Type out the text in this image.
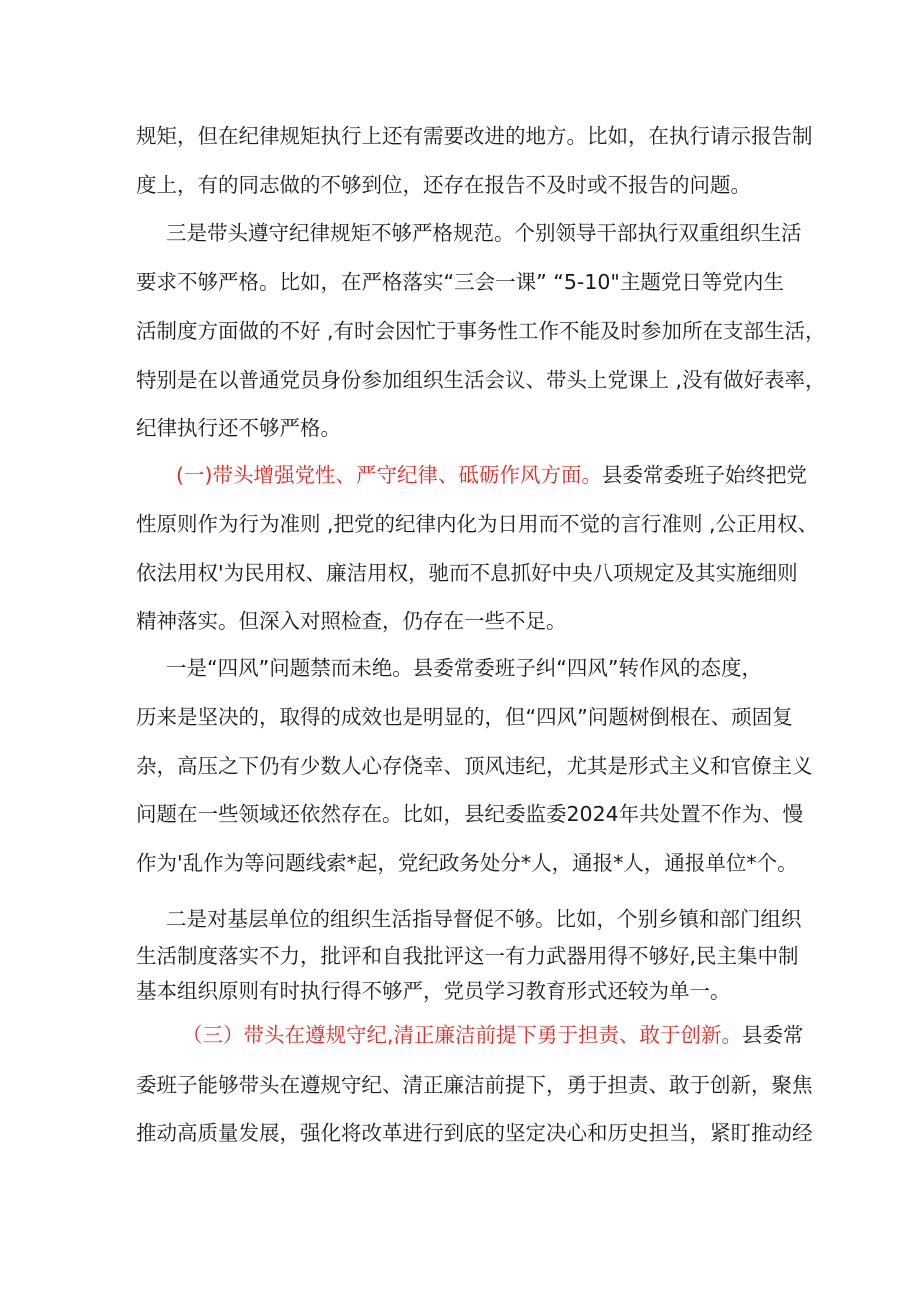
规矩，但在纪律规矩执行上还有需要改进的地方。比如，在执行请示报告制

度上，有的同志做的不够到位，还存在报告不及时或不报告的问题。

三是带头遵守纪律规矩不够严格规范。个别领导干部执行双重组织生活

要求不够严格。比如，在严格落实“三会一课” “5-10"主题党日等党内生

活制度方面做的不好 ,有时会因忙于事务性工作不能及时参加所在支部生活，

特别是在以普通党员身份参加组织生活会议、带头上党课上 ,没有做好表率，

纪律执行还不够严格。

(一)带头增强党性、严守纪律、砥砺作风方面。县委常委班子始终把党

性原则作为行为准则 ,把党的纪律内化为日用而不觉的言行准则 ,公正用权、

依法用权'为民用权、廉洁用权，驰而不息抓好中央八项规定及其实施细则

精神落实。但深入对照检查，仍存在一些不足。

一是“四风”问题禁而未绝。县委常委班子纠“四风”转作风的态度，

历来是坚决的，取得的成效也是明显的，但“四风”问题树倒根在、顽固复

杂，高压之下仍有少数人心存侥幸、顶风违纪，尤其是形式主义和官僚主义

问题在一些领域还依然存在。比如，县纪委监委2024年共处置不作为、慢

作为'乱作为等问题线索*起，党纪政务处分*人，通报*人，通报单位*个。

二是对基层单位的组织生活指导督促不够。比如，个别乡镇和部门组织

生活制度落实不力，批评和自我批评这一有力武器用得不够好,民主集中制

基本组织原则有时执行得不够严，党员学习教育形式还较为单一。

（三）带头在遵规守纪,清正廉洁前提下勇于担责、敢于创新。县委常

委班子能够带头在遵规守纪、清正廉洁前提下，勇于担责、敢于创新，聚焦

推动高质量发展，强化将改革进行到底的坚定决心和历史担当，紧盯推动经
